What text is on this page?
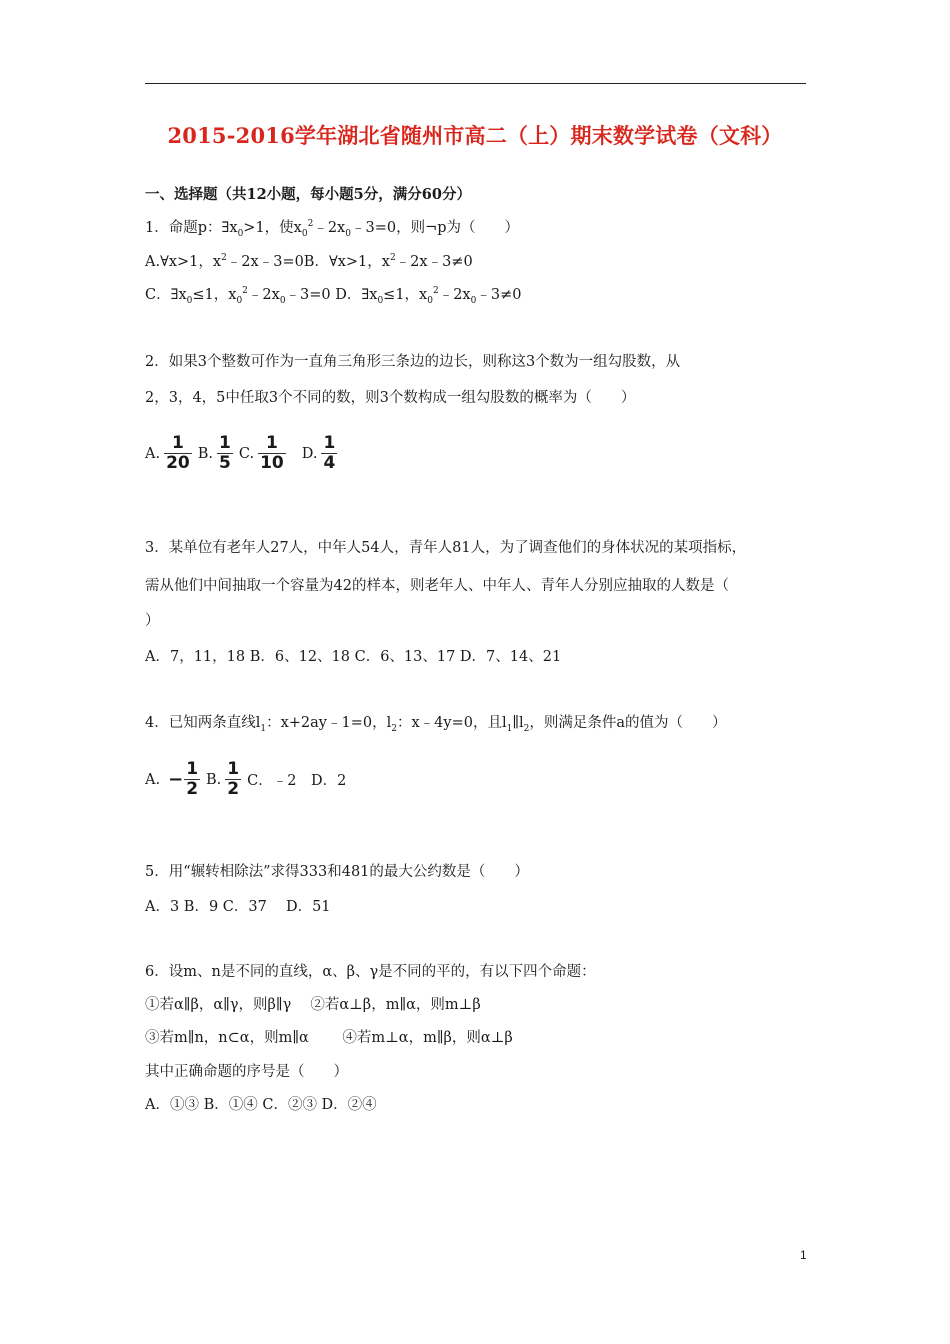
2015-2016学年湖北省随州市高二（上）期末数学试卷（文科）
一、选择题（共12小题，每小题5分，满分60分）
1．命题p：$\exists x_0>1$，使$x_0^2﹣2x_0﹣3=0$，则¬p为（　　）
A.∀x>1，$x^2﹣2x﹣3=0B$．∀x>1，$x^2﹣2x﹣3\ne 0$
C．$\exists x_0\le 1$，$x_0^2﹣2x_0﹣3=0$ D．$\exists x_0\le 1$，$x_0^2﹣2x_0﹣3\ne 0$
2．如果3个整数可作为一直角三角形三条边的边长，则称这3个数为一组勾股数，从
2，3，4，5中任取3个不同的数，则3个数构成一组勾股数的概率为（　　）
A. $\frac{1}{20} B$. $\frac{1}{5} C$. $\frac{1}{10} D$. $\frac{1}{4}$
3．某单位有老年人27人，中年人54人，青年人81人，为了调查他们的身体状况的某项指标，
需从他们中间抽取一个容量为42的样本，则老年人、中年人、青年人分别应抽取的人数是（
）
A．7，11，18 B．6、12、18 C．6、13、17 D．7、14、21
4．已知两条直线$l_1$：x+2ay﹣1=0，$l_2$：x﹣4y=0，且$l_1\parallel l_2$，则满足条件a的值为（　　）
A. − $\frac{1}{2} B$. $\frac{1}{2}$ C．﹣2　D．2
5．用“辗转相除法”求得333和481的最大公约数是（　　）
A．3 B．9 C．37　 D．51
6．设m、n是不同的直线，α、β、γ是不同的平的，有以下四个命题：
①若α∥β，α∥γ，则β∥γ　 ②若α⊥β，m∥α，则m⊥β
③若m∥n，n⊂α，则m∥α　　 ④若m⊥α，m∥β，则α⊥β
其中正确命题的序号是（　　）
A．①③ B．①④ C．②③ D．②④
1
